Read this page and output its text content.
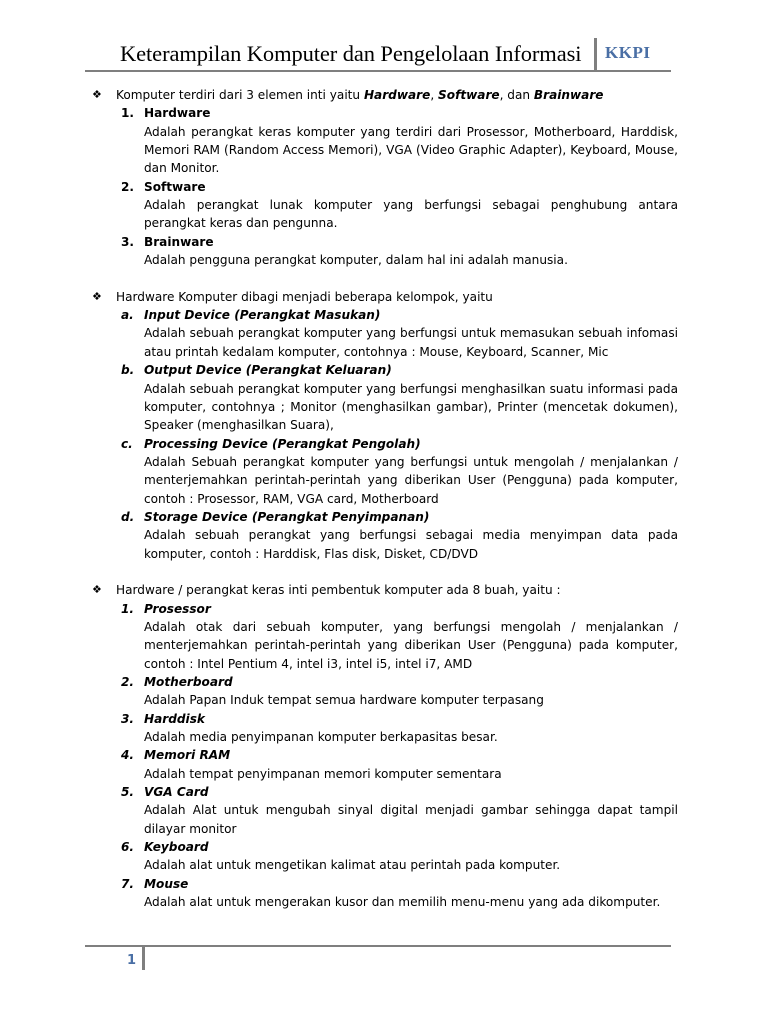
Keterampilan Komputer dan Pengelolaan Informasi KKPI
❖ Komputer terdiri dari 3 elemen inti yaitu Hardware, Software, dan Brainware
1. Hardware
Adalah perangkat keras komputer yang terdiri dari Prosessor, Motherboard, Harddisk, Memori RAM (Random Access Memori), VGA (Video Graphic Adapter), Keyboard, Mouse, dan Monitor.
2. Software
Adalah perangkat lunak komputer yang berfungsi sebagai penghubung antara perangkat keras dan pengunna.
3. Brainware
Adalah pengguna perangkat komputer, dalam hal ini adalah manusia.
❖ Hardware Komputer dibagi menjadi beberapa kelompok, yaitu
a. Input Device (Perangkat Masukan)
Adalah sebuah perangkat komputer yang berfungsi untuk memasukan sebuah infomasi atau printah kedalam komputer, contohnya : Mouse, Keyboard, Scanner, Mic
b. Output Device (Perangkat Keluaran)
Adalah sebuah perangkat komputer yang berfungsi menghasilkan suatu informasi pada komputer, contohnya ; Monitor (menghasilkan gambar), Printer (mencetak dokumen), Speaker (menghasilkan Suara),
c. Processing Device (Perangkat Pengolah)
Adalah Sebuah perangkat komputer yang berfungsi untuk mengolah / menjalankan / menterjemahkan perintah-perintah yang diberikan User (Pengguna) pada komputer, contoh : Prosessor, RAM, VGA card, Motherboard
d. Storage Device (Perangkat Penyimpanan)
Adalah sebuah perangkat yang berfungsi sebagai media menyimpan data pada komputer, contoh : Harddisk, Flas disk, Disket, CD/DVD
❖ Hardware / perangkat keras inti pembentuk komputer ada 8 buah, yaitu :
1. Prosessor
Adalah otak dari sebuah komputer, yang berfungsi mengolah / menjalankan / menterjemahkan perintah-perintah yang diberikan User (Pengguna) pada komputer, contoh : Intel Pentium 4, intel i3, intel i5, intel i7, AMD
2. Motherboard
Adalah Papan Induk tempat semua hardware komputer terpasang
3. Harddisk
Adalah media penyimpanan komputer berkapasitas besar.
4. Memori RAM
Adalah tempat penyimpanan memori komputer sementara
5. VGA Card
Adalah Alat untuk mengubah sinyal digital menjadi gambar sehingga dapat tampil dilayar monitor
6. Keyboard
Adalah alat untuk mengetikan kalimat atau perintah pada komputer.
7. Mouse
Adalah alat untuk mengerakan kusor dan memilih menu-menu yang ada dikomputer.
1
